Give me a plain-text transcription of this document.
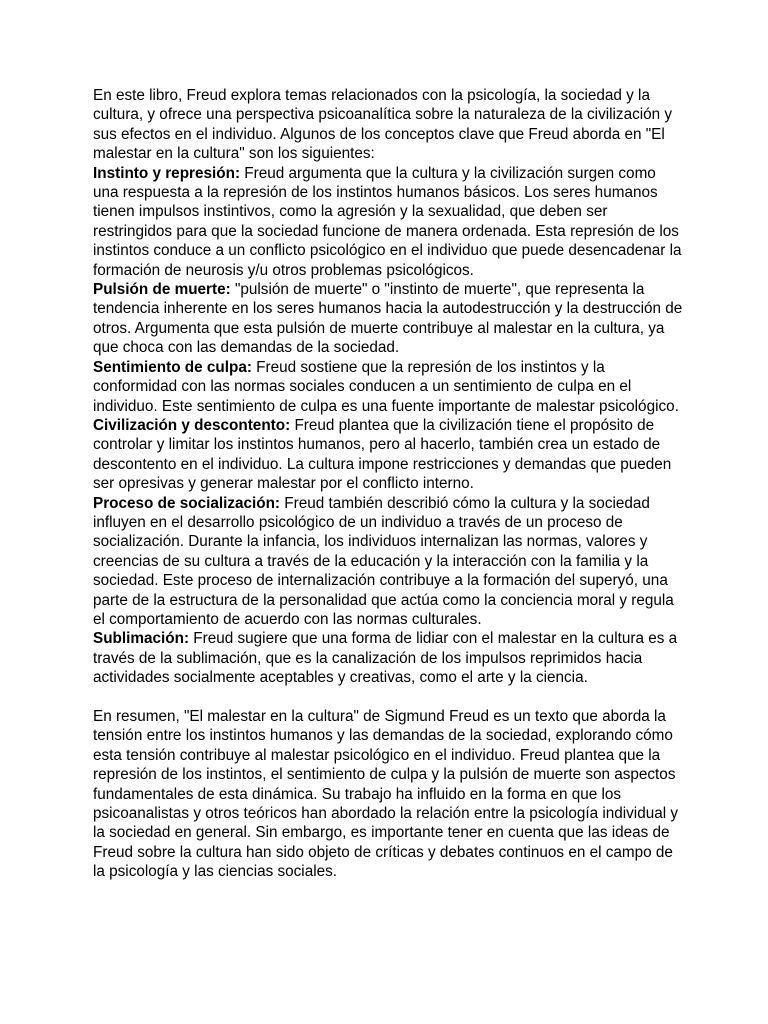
En este libro, Freud explora temas relacionados con la psicología, la sociedad y la cultura, y ofrece una perspectiva psicoanalítica sobre la naturaleza de la civilización y sus efectos en el individuo. Algunos de los conceptos clave que Freud aborda en "El malestar en la cultura" son los siguientes:

Instinto y represión: Freud argumenta que la cultura y la civilización surgen como una respuesta a la represión de los instintos humanos básicos. Los seres humanos tienen impulsos instintivos, como la agresión y la sexualidad, que deben ser restringidos para que la sociedad funcione de manera ordenada. Esta represión de los instintos conduce a un conflicto psicológico en el individuo que puede desencadenar la formación de neurosis y/u otros problemas psicológicos.

Pulsión de muerte: "pulsión de muerte" o "instinto de muerte", que representa la tendencia inherente en los seres humanos hacia la autodestrucción y la destrucción de otros. Argumenta que esta pulsión de muerte contribuye al malestar en la cultura, ya que choca con las demandas de la sociedad.

Sentimiento de culpa: Freud sostiene que la represión de los instintos y la conformidad con las normas sociales conducen a un sentimiento de culpa en el individuo. Este sentimiento de culpa es una fuente importante de malestar psicológico.

Civilización y descontento: Freud plantea que la civilización tiene el propósito de controlar y limitar los instintos humanos, pero al hacerlo, también crea un estado de descontento en el individuo. La cultura impone restricciones y demandas que pueden ser opresivas y generar malestar por el conflicto interno.

Proceso de socialización: Freud también describió cómo la cultura y la sociedad influyen en el desarrollo psicológico de un individuo a través de un proceso de socialización. Durante la infancia, los individuos internalizan las normas, valores y creencias de su cultura a través de la educación y la interacción con la familia y la sociedad. Este proceso de internalización contribuye a la formación del superyó, una parte de la estructura de la personalidad que actúa como la conciencia moral y regula el comportamiento de acuerdo con las normas culturales.

Sublimación: Freud sugiere que una forma de lidiar con el malestar en la cultura es a través de la sublimación, que es la canalización de los impulsos reprimidos hacia actividades socialmente aceptables y creativas, como el arte y la ciencia.

En resumen, "El malestar en la cultura" de Sigmund Freud es un texto que aborda la tensión entre los instintos humanos y las demandas de la sociedad, explorando cómo esta tensión contribuye al malestar psicológico en el individuo. Freud plantea que la represión de los instintos, el sentimiento de culpa y la pulsión de muerte son aspectos fundamentales de esta dinámica. Su trabajo ha influido en la forma en que los psicoanalistas y otros teóricos han abordado la relación entre la psicología individual y la sociedad en general. Sin embargo, es importante tener en cuenta que las ideas de Freud sobre la cultura han sido objeto de críticas y debates continuos en el campo de la psicología y las ciencias sociales.
